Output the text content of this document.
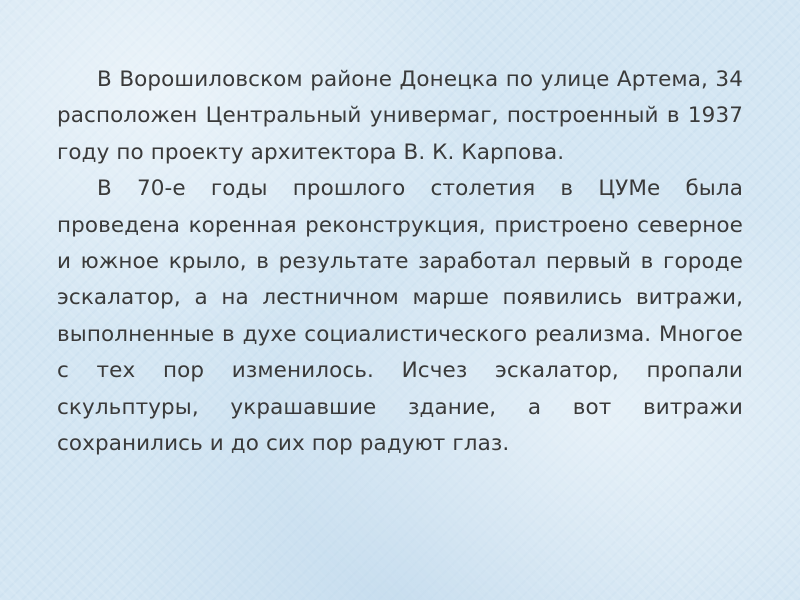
В Ворошиловском районе Донецка по улице Артема, 34 расположен Центральный универмаг, построенный в 1937 году по проекту архитектора В. К. Карпова.

В 70-е годы прошлого столетия в ЦУМе была проведена коренная реконструкция, пристроено северное и южное крыло, в результате заработал первый в городе эскалатор, а на лестничном марше появились витражи, выполненные в духе социалистического реализма. Многое с тех пор изменилось. Исчез эскалатор, пропали скульптуры, украшавшие здание, а вот витражи сохранились и до сих пор радуют глаз.
